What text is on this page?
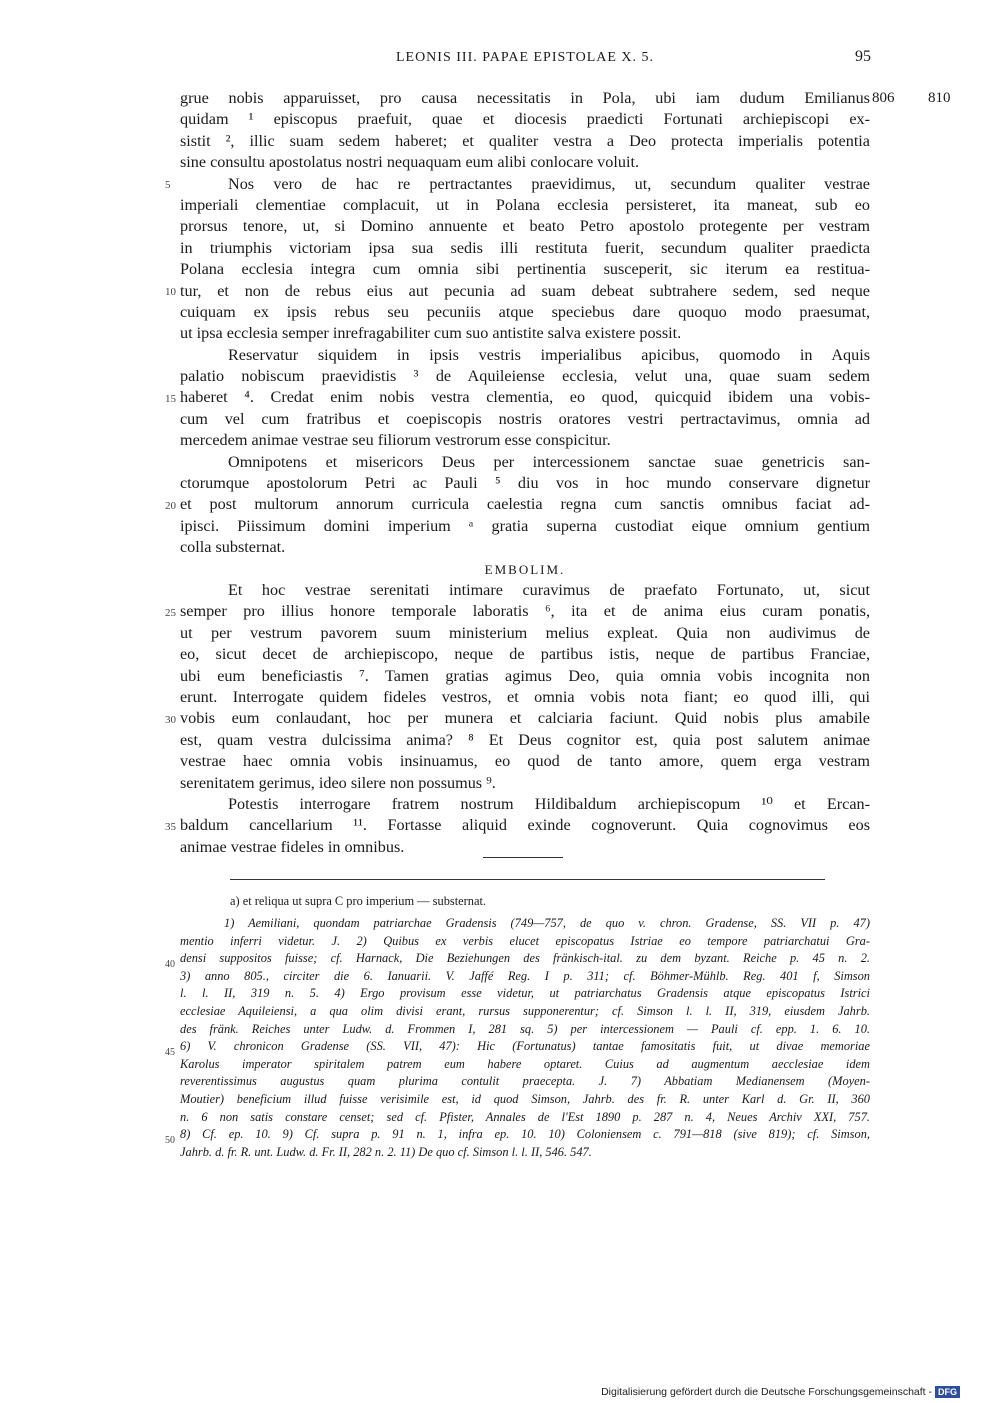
LEONIS III. PAPAE EPISTOLAE X. 5.	95
806 810
5
10
15
20
25
30
35
grue nobis apparuisset, pro causa necessitatis in Pola, ubi iam dudum Emilianus
quidam ¹ episcopus praefuit, quae et diocesis praedicti Fortunati archiepiscopi ex-
sistit ², illic suam sedem haberet; et qualiter vestra a Deo protecta imperialis potentia
sine consultu apostolatus nostri nequaquam eum alibi conlocare voluit.
Nos vero de hac re pertractantes praevidimus, ut, secundum qualiter vestrae
imperiali clementiae complacuit, ut in Polana ecclesia persisteret, ita maneat, sub eo
prorsus tenore, ut, si Domino annuente et beato Petro apostolo protegente per vestram
in triumphis victoriam ipsa sua sedis illi restituta fuerit, secundum qualiter praedicta
Polana ecclesia integra cum omnia sibi pertinentia susceperit, sic iterum ea restitua-
tur, et non de rebus eius aut pecunia ad suam debeat subtrahere sedem, sed neque
cuiquam ex ipsis rebus seu pecuniis atque speciebus dare quoquo modo praesumat,
ut ipsa ecclesia semper inrefragabiliter cum suo antistite salva existere possit.
Reservatur siquidem in ipsis vestris imperialibus apicibus, quomodo in Aquis
palatio nobiscum praevidistis ³ de Aquileiense ecclesia, velut una, quae suam sedem
haberet ⁴. Credat enim nobis vestra clementia, eo quod, quicquid ibidem una vobis-
cum vel cum fratribus et coepiscopis nostris oratores vestri pertractavimus, omnia ad
mercedem animae vestrae seu filiorum vestrorum esse conspicitur.
Omnipotens et misericors Deus per intercessionem sanctae suae genetricis san-
ctorumque apostolorum Petri ac Pauli ⁵ diu vos in hoc mundo conservare dignetur
et post multorum annorum curricula caelestia regna cum sanctis omnibus faciat ad-
ipisci. Piissimum domini imperium ᵃ gratia superna custodiat eique omnium gentium
colla substernat.
EMBOLIM.
Et hoc vestrae serenitati intimare curavimus de praefato Fortunato, ut, sicut
semper pro illius honore temporale laboratis ⁶, ita et de anima eius curam ponatis,
ut per vestrum pavorem suum ministerium melius expleat. Quia non audivimus de
eo, sicut decet de archiepiscopo, neque de partibus istis, neque de partibus Franciae,
ubi eum beneficiastis ⁷. Tamen gratias agimus Deo, quia omnia vobis incognita non
erunt. Interrogate quidem fideles vestros, et omnia vobis nota fiant; eo quod illi, qui
vobis eum conlaudant, hoc per munera et calciaria faciunt. Quid nobis plus amabile
est, quam vestra dulcissima anima? ⁸ Et Deus cognitor est, quia post salutem animae
vestrae haec omnia vobis insinuamus, eo quod de tanto amore, quem erga vestram
serenitatem gerimus, ideo silere non possumus ⁹.
Potestis interrogare fratrem nostrum Hildibaldum archiepiscopum ¹⁰ et Ercan-
baldum cancellarium ¹¹. Fortasse aliquid exinde cognoverunt. Quia cognovimus eos
animae vestrae fideles in omnibus.
a) et reliqua ut supra C pro imperium — substernat.
40
45
50
1) Aemiliani, quondam patriarchae Gradensis (749—757, de quo v. chron. Gradense, SS. VII p. 47)
mentio inferri videtur. J. 2) Quibus ex verbis elucet episcopatus Istriae eo tempore patriarchatui Gra-
densi suppositos fuisse; cf. Harnack, Die Beziehungen des fränkisch-ital. zu dem byzant. Reiche p. 45 n. 2.
3) anno 805., circiter die 6. Ianuarii. V. Jaffé Reg. I p. 311; cf. Böhmer-Mühlb. Reg. 401 f, Simson
l. l. II, 319 n. 5. 4) Ergo provisum esse videtur, ut patriarchatus Gradensis atque episcopatus Istrici
ecclesiae Aquileiensi, a qua olim divisi erant, rursus supponerentur; cf. Simson l. l. II, 319, eiusdem Jahrb.
des fränk. Reiches unter Ludw. d. Frommen I, 281 sq. 5) per intercessionem — Pauli cf. epp. 1. 6. 10.
6) V. chronicon Gradense (SS. VII, 47): Hic (Fortunatus) tantae famositatis fuit, ut divae memoriae
Karolus imperator spiritalem patrem eum habere optaret. Cuius ad augmentum aecclesiae idem
reverentissimus augustus quam plurima contulit praecepta. J. 7) Abbatiam Medianensem (Moyen-
Moutier) beneficium illud fuisse verisimile est, id quod Simson, Jahrb. des fr. R. unter Karl d. Gr. II, 360
n. 6 non satis constare censet; sed cf. Pfister, Annales de l'Est 1890 p. 287 n. 4, Neues Archiv XXI, 757.
8) Cf. ep. 10. 9) Cf. supra p. 91 n. 1, infra ep. 10. 10) Coloniensem c. 791—818 (sive 819); cf. Simson,
Jahrb. d. fr. R. unt. Ludw. d. Fr. II, 282 n. 2. 11) De quo cf. Simson l. l. II, 546. 547.
Digitalisierung gefördert durch die Deutsche Forschungsgemeinschaft - DFG
